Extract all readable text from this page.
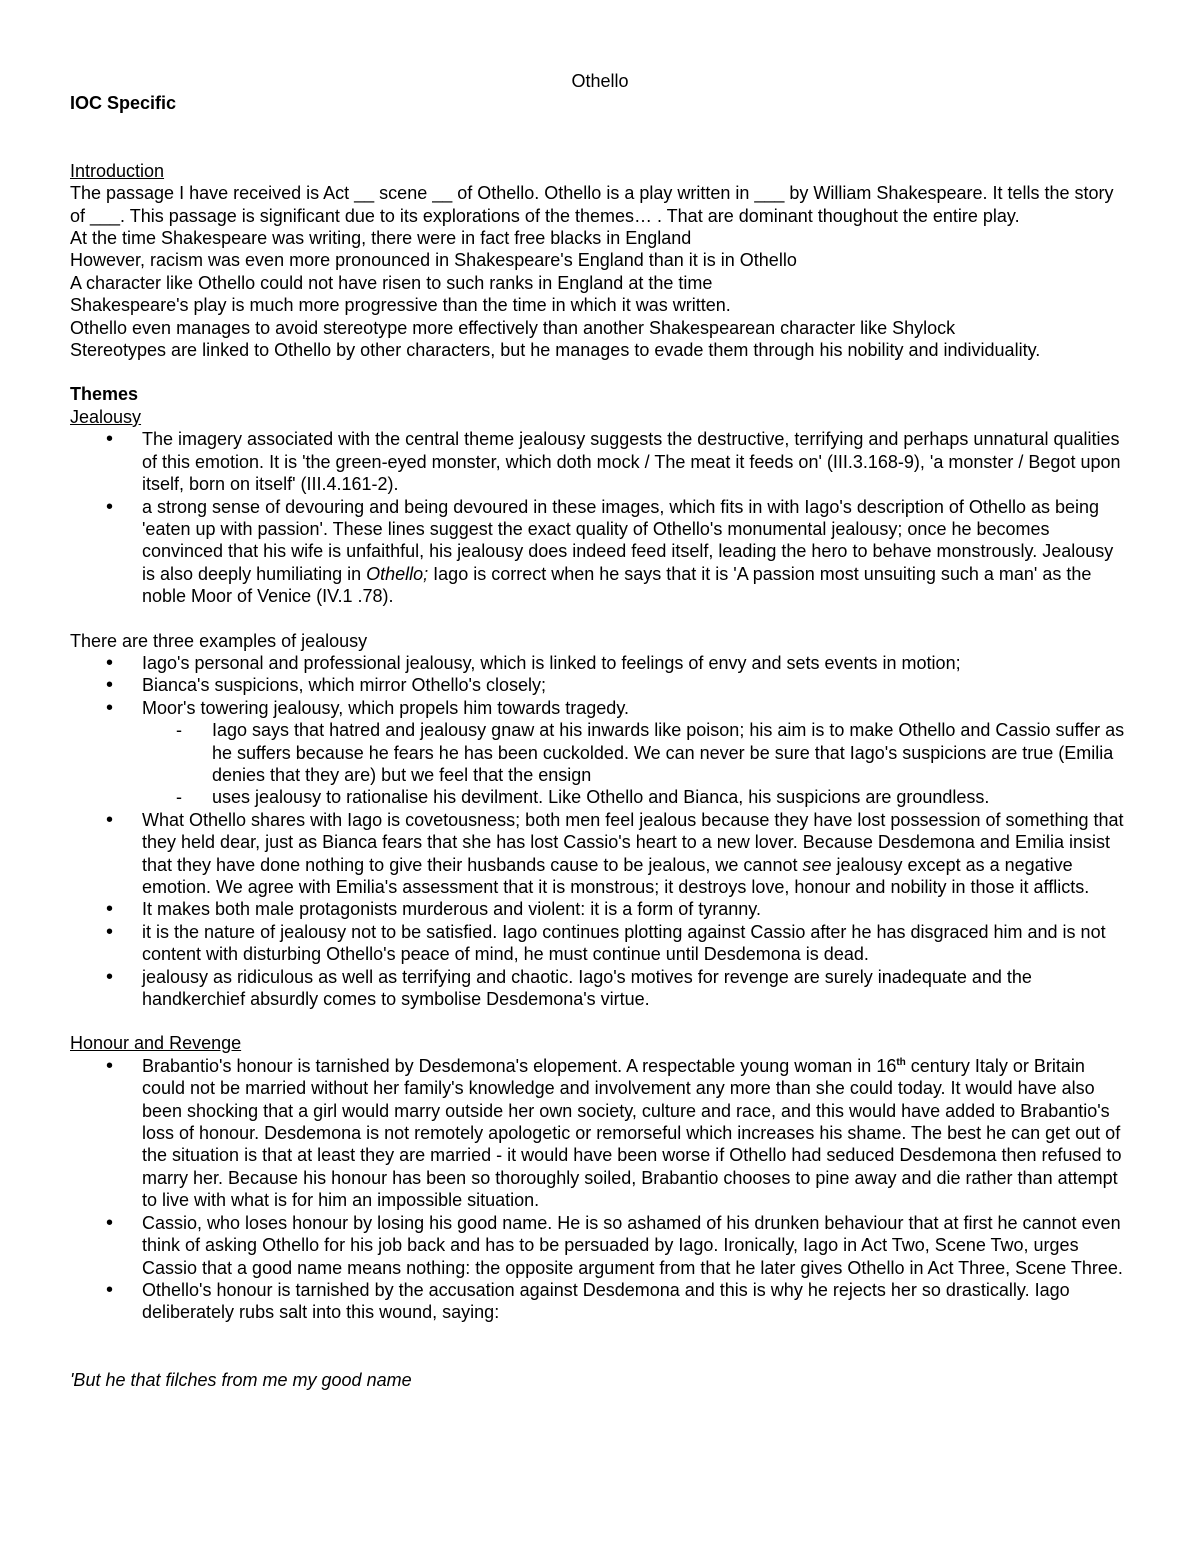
Othello
IOC Specific
Introduction

The passage I have received is Act __ scene __ of Othello. Othello is a play written in ___ by William Shakespeare. It tells the story of ___. This passage is significant due to its explorations of the themes… . That are dominant thoughout the entire play.

At the time Shakespeare was writing, there were in fact free blacks in England

However, racism was even more pronounced in Shakespeare's England than it is in Othello

A character like Othello could not have risen to such ranks in England at the time

Shakespeare's play is much more progressive than the time in which it was written.

Othello even manages to avoid stereotype more effectively than another Shakespearean character like Shylock

Stereotypes are linked to Othello by other characters, but he manages to evade them through his nobility and individuality.

Themes
Jealousy
• The imagery associated with the central theme jealousy suggests the destructive, terrifying and perhaps unnatural qualities of this emotion. It is 'the green-eyed monster, which doth mock / The meat it feeds on' (III.3.168-9), 'a monster / Begot upon itself, born on itself' (III.4.161-2).
• a strong sense of devouring and being devoured in these images, which fits in with Iago's description of Othello as being 'eaten up with passion'. These lines suggest the exact quality of Othello's monumental jealousy; once he becomes convinced that his wife is unfaithful, his jealousy does indeed feed itself, leading the hero to behave monstrously. Jealousy is also deeply humiliating in Othello; Iago is correct when he says that it is 'A passion most unsuiting such a man' as the noble Moor of Venice (IV.1 .78).

There are three examples of jealousy

• Iago's personal and professional jealousy, which is linked to feelings of envy and sets events in motion;
• Bianca's suspicions, which mirror Othello's closely;
• Moor's towering jealousy, which propels him towards tragedy.
- Iago says that hatred and jealousy gnaw at his inwards like poison; his aim is to make Othello and Cassio suffer as he suffers because he fears he has been cuckolded. We can never be sure that Iago's suspicions are true (Emilia denies that they are) but we feel that the ensign
- uses jealousy to rationalise his devilment. Like Othello and Bianca, his suspicions are groundless.
• What Othello shares with Iago is covetousness; both men feel jealous because they have lost possession of something that they held dear, just as Bianca fears that she has lost Cassio's heart to a new lover. Because Desdemona and Emilia insist that they have done nothing to give their husbands cause to be jealous, we cannot see jealousy except as a negative emotion. We agree with Emilia's assessment that it is monstrous; it destroys love, honour and nobility in those it afflicts.
• It makes both male protagonists murderous and violent: it is a form of tyranny.
• it is the nature of jealousy not to be satisfied. Iago continues plotting against Cassio after he has disgraced him and is not content with disturbing Othello's peace of mind, he must continue until Desdemona is dead.
• jealousy as ridiculous as well as terrifying and chaotic. Iago's motives for revenge are surely inadequate and the handkerchief absurdly comes to symbolise Desdemona's virtue.
Honour and Revenge
• Brabantio's honour is tarnished by Desdemona's elopement. A respectable young woman in 16th century Italy or Britain could not be married without her family's knowledge and involvement any more than she could today. It would have also been shocking that a girl would marry outside her own society, culture and race, and this would have added to Brabantio's loss of honour. Desdemona is not remotely apologetic or remorseful which increases his shame. The best he can get out of the situation is that at least they are married - it would have been worse if Othello had seduced Desdemona then refused to marry her. Because his honour has been so thoroughly soiled, Brabantio chooses to pine away and die rather than attempt to live with what is for him an impossible situation.
• Cassio, who loses honour by losing his good name. He is so ashamed of his drunken behaviour that at first he cannot even think of asking Othello for his job back and has to be persuaded by Iago. Ironically, Iago in Act Two, Scene Two, urges Cassio that a good name means nothing: the opposite argument from that he later gives Othello in Act Three, Scene Three.
• Othello's honour is tarnished by the accusation against Desdemona and this is why he rejects her so drastically. Iago deliberately rubs salt into this wound, saying:

'But he that filches from me my good name
